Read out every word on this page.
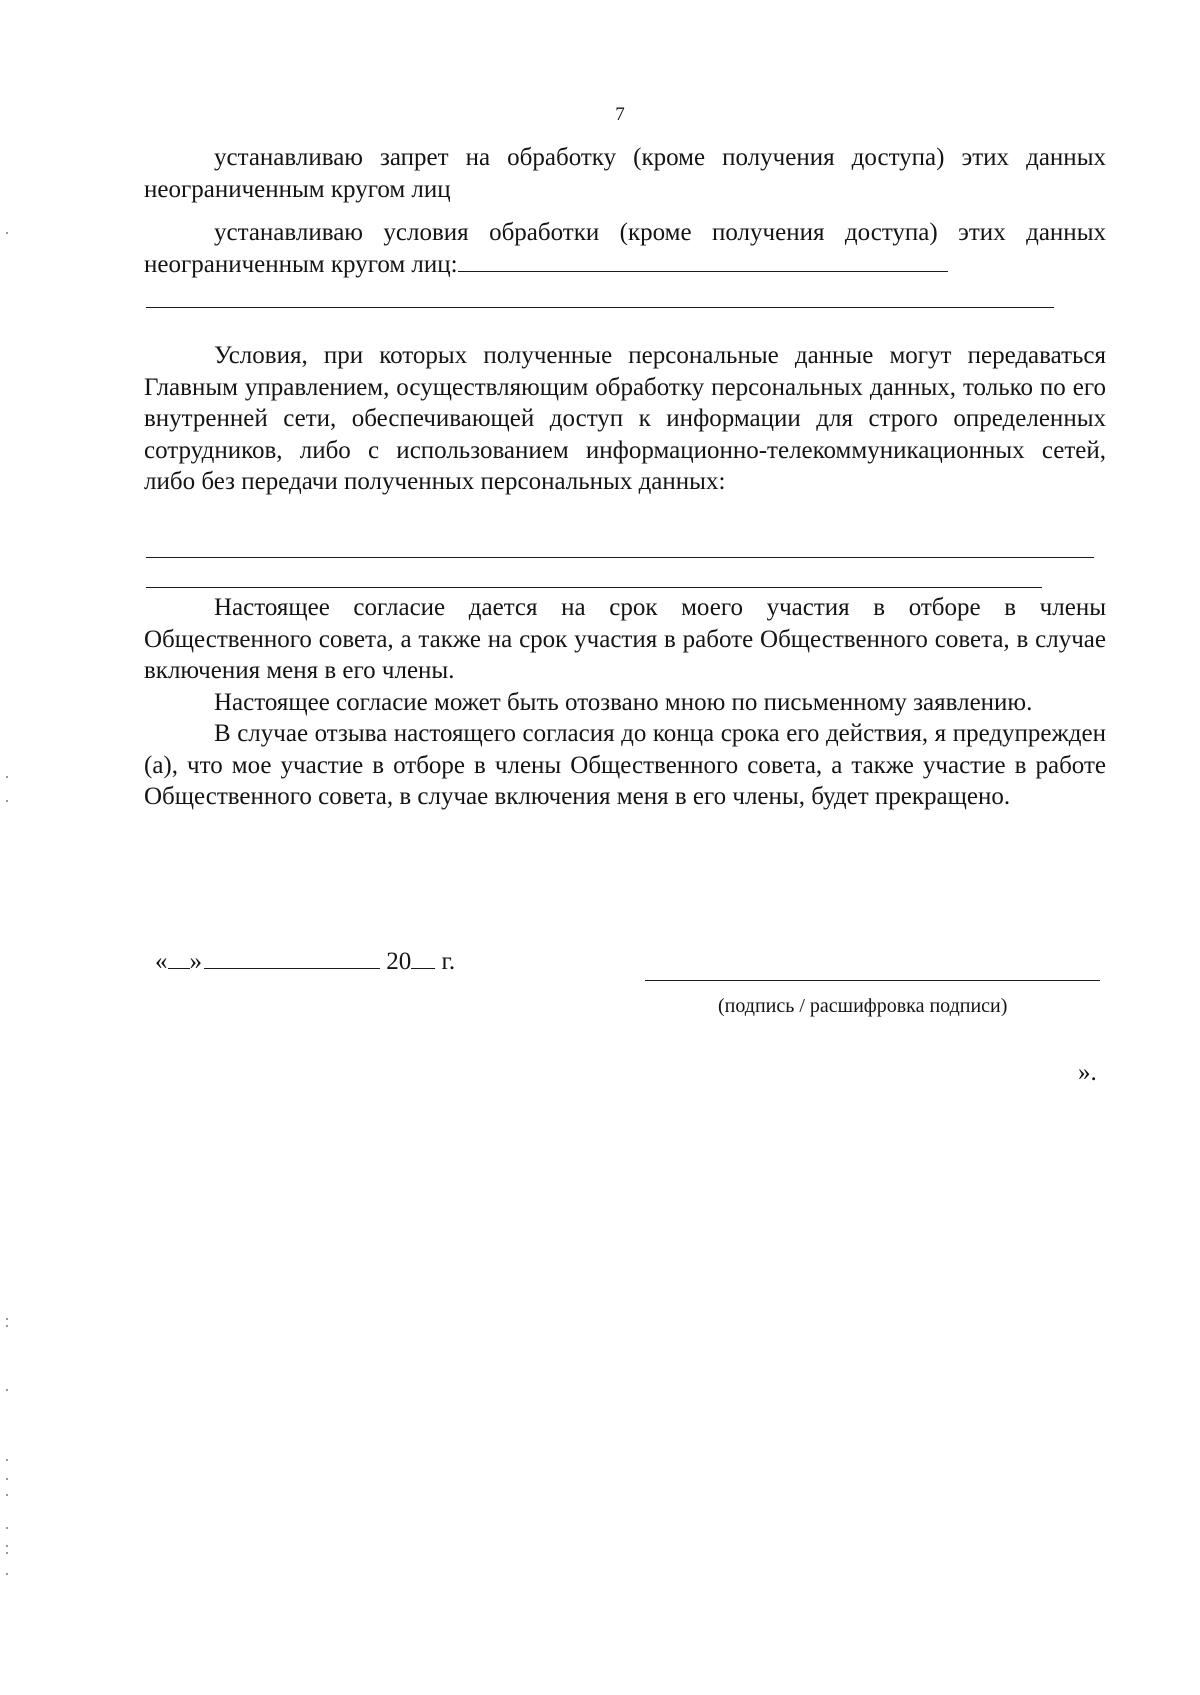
7

устанавливаю запрет на обработку (кроме получения доступа) этих данных неограниченным кругом лиц

устанавливаю условия обработки (кроме получения доступа) этих данных неограниченным кругом лиц:

Условия, при которых полученные персональные данные могут передаваться Главным управлением, осуществляющим обработку персональных данных, только по его внутренней сети, обеспечивающей доступ к информации для строго определенных сотрудников, либо с использованием информационно-телекоммуникационных сетей, либо без передачи полученных персональных данных:

Настоящее согласие дается на срок моего участия в отборе в члены Общественного совета, а также на срок участия в работе Общественного совета, в случае включения меня в его члены.

Настоящее согласие может быть отозвано мною по письменному заявлению.

В случае отзыва настоящего согласия до конца срока его действия, я предупрежден (а), что мое участие в отборе в члены Общественного совета, а также участие в работе Общественного совета, в случае включения меня в его члены, будет прекращено.

« »	20 г.
(подпись / расшифровка подписи)
».
